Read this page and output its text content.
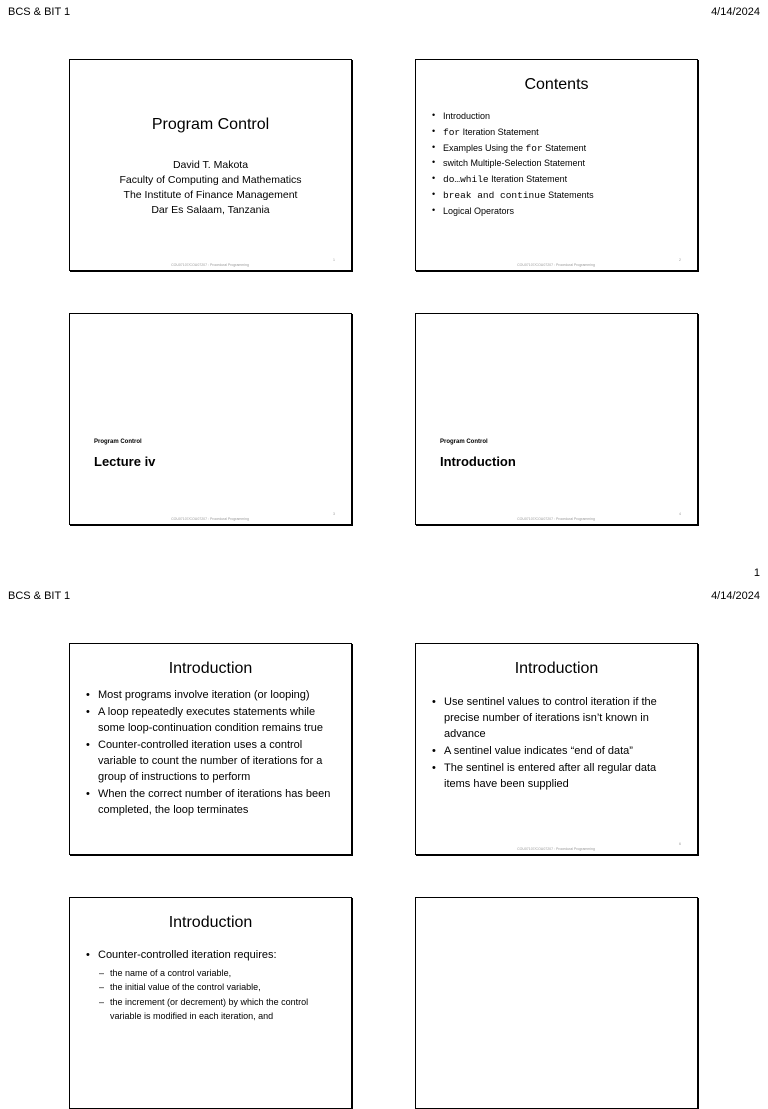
BCS & BIT 1	4/14/2024
Program Control
David T. Makota
Faculty of Computing and Mathematics
The Institute of Finance Management
Dar Es Salaam, Tanzania
COU07107/COU07207 : Procedural Programming
1
Contents
• Introduction
• for Iteration Statement
• Examples Using the for Statement
• switch Multiple-Selection Statement
• do…while Iteration Statement
• break and continue Statements
• Logical Operators
COU07107/COU07207 : Procedural Programming
2
Program Control
Lecture iv
COU07107/COU07207 : Procedural Programming
3
Program Control
Introduction
COU07107/COU07207 : Procedural Programming
4
1
BCS & BIT 1	4/14/2024
Introduction
• Most programs involve iteration (or looping)
• A loop repeatedly executes statements while some loop-continuation condition remains true
• Counter-controlled iteration uses a control variable to count the number of iterations for a group of instructions to perform
• When the correct number of iterations has been completed, the loop terminates
Introduction
• Use sentinel values to control iteration if the precise number of iterations isn’t known in advance
• A sentinel value indicates “end of data”
• The sentinel is entered after all regular data items have been supplied
COU07107/COU07207 : Procedural Programming
6
Introduction
• Counter-controlled iteration requires:
– the name of a control variable,
– the initial value of the control variable,
– the increment (or decrement) by which the control variable is modified in each iteration, and
